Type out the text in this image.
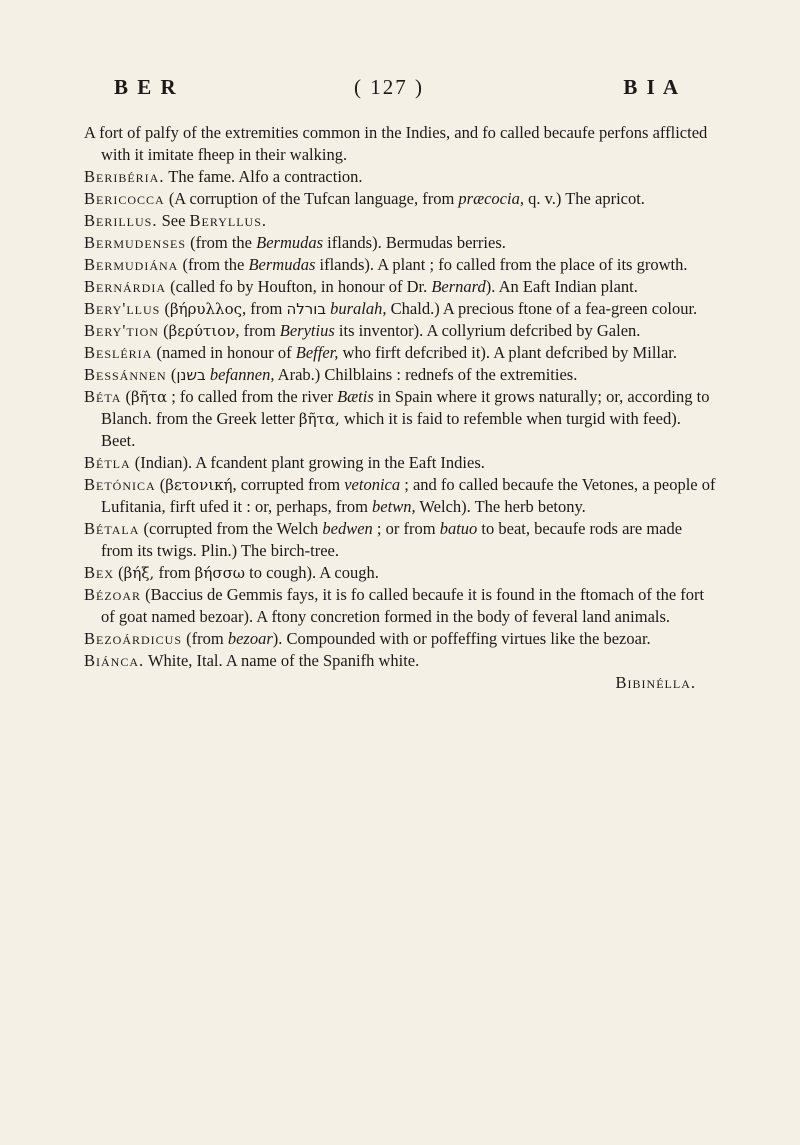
B E R	( 127 )	B I A
A fort of palfy of the extremities common in the Indies, and fo called becaufe perfons afflicted with it imitate fheep in their walking.
Beribéria. The fame. Alfo a contraction.
Bericocca (A corruption of the Tufcan language, from præcocia, q. v.) The apricot.
Berillus. See Beryllus.
Bermudenses (from the Bermudas iflands). Bermudas berries.
Bermudiána (from the Bermudas iflands). A plant ; fo called from the place of its growth.
Bernárdia (called fo by Houfton, in honour of Dr. Bernard). An Eaft Indian plant.
Bery'llus (βήρυλλος, from בורלה buralah, Chald.) A precious ftone of a fea-green colour.
Bery'tion (βερύτιον, from Berytius its inventor). A collyrium defcribed by Galen.
Besléria (named in honour of Beffer, who firft defcribed it). A plant defcribed by Millar.
Bessánnen (בשנן befannen, Arab.) Chilblains : rednefs of the extremities.
Béta (βῆτα ; fo called from the river Bætis in Spain where it grows naturally; or, according to Blanch. from the Greek letter βῆτα, which it is faid to refemble when turgid with feed). Beet.
Bétla (Indian). A fcandent plant growing in the Eaft Indies.
Betónica (βετονική, corrupted from vetonica ; and fo called becaufe the Vetones, a people of Lufitania, firft ufed it : or, perhaps, from betwn, Welch). The herb betony.
Bétala (corrupted from the Welch bedwen ; or from batuo to beat, becaufe rods are made from its twigs. Plin.) The birch-tree.
Bex (βήξ, from βήσσω to cough). A cough.
Bézoar (Baccius de Gemmis fays, it is fo called becaufe it is found in the ftomach of the fort of goat named bezoar). A ftony concretion formed in the body of feveral land animals.
Bezoárdicus (from bezoar). Compounded with or poffeffing virtues like the bezoar.
Biánca. White, Ital. A name of the Spanifh white.
Bibinélla.
